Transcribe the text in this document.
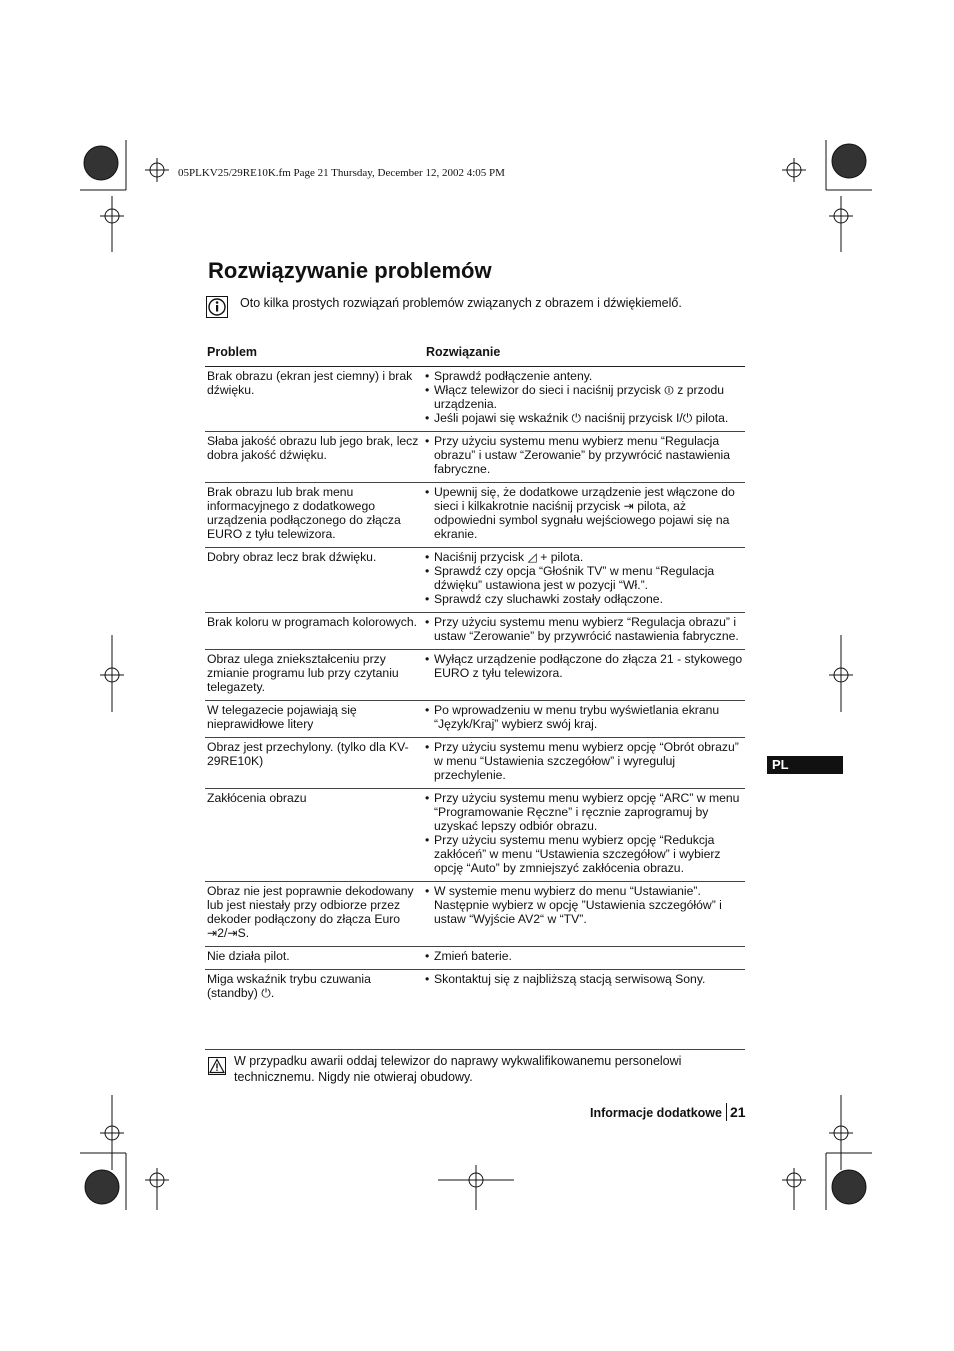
05PLKV25/29RE10K.fm Page 21 Thursday, December 12, 2002 4:05 PM
Rozwiązywanie problemów
Oto kilka prostych rozwiązań problemów związanych z obrazem i dźwiękiemelő.
Problem	Rozwiązanie
Brak obrazu (ekran jest ciemny) i brak dźwięku.
• Sprawdź podłączenie anteny.
• Włącz telewizor do sieci i naciśnij przycisk ⏼ z przodu urządzenia.
• Jeśli pojawi się wskaźnik ⏻ naciśnij przycisk I/⏻ pilota.
Słaba jakość obrazu lub jego brak, lecz dobra jakość dźwięku.
• Przy użyciu systemu menu wybierz menu “Regulacja obrazu” i ustaw “Zerowanie” by przywrócić nastawienia fabryczne.
Brak obrazu lub brak menu informacyjnego z dodatkowego urządzenia podłączonego do złącza EURO z tyłu telewizora.
• Upewnij się, że dodatkowe urządzenie jest włączone do sieci i kilkakrotnie naciśnij przycisk ⇥ pilota, aż odpowiedni symbol sygnału wejściowego pojawi się na ekranie.
Dobry obraz lecz brak dźwięku.	• Naciśnij przycisk ◿ + pilota.
• Sprawdź czy opcja “Głośnik TV” w menu “Regulacja dźwięku” ustawiona jest w pozycji “Wł.”.
• Sprawdź czy sluchawki zostały odłączone.
Brak koloru w programach kolorowych. • Przy użyciu systemu menu wybierz “Regulacja obrazu” i ustaw “Zerowanie” by przywrócić nastawienia fabryczne.
Obraz ulega zniekształceniu przy zmianie programu lub przy czytaniu telegazety.
• Wyłącz urządzenie podłączone do złącza 21 - stykowego EURO z tyłu telewizora.
W telegazecie pojawiają się nieprawidłowe litery
• Po wprowadzeniu w menu trybu wyświetlania ekranu “Język/Kraj” wybierz swój kraj.
Obraz jest przechylony. (tylko dla KV-29RE10K)
• Przy użyciu systemu menu wybierz opcję “Obrót obrazu” w menu “Ustawienia szczegółow” i wyreguluj przechylenie.
Zakłócenia obrazu	• Przy użyciu systemu menu wybierz opcję “ARC” w menu “Programowanie Ręczne” i ręcznie zaprogramuj by uzyskać lepszy odbiór obrazu.
• Przy użyciu systemu menu wybierz opcję “Redukcja zakłóceń” w menu “Ustawienia szczegółow” i wybierz opcję “Auto” by zmniejszyć zakłócenia obrazu.
Obraz nie jest poprawnie dekodowany lub jest niestały przy odbiorze przez dekoder podłączony do złącza Euro ⇥2/⇥S.
• W systemie menu wybierz do menu “Ustawianie”. Następnie wybierz w opcję ”Ustawienia szczegółów” i ustaw “Wyjście AV2“ w “TV”.
Nie działa pilot.	• Zmień baterie.
Miga wskaźnik trybu czuwania (standby) ⏻.
• Skontaktuj się z najbliższą stacją serwisową Sony.
W przypadku awarii oddaj telewizor do naprawy wykwalifikowanemu personelowi technicznemu. Nigdy nie otwieraj obudowy.
Informacje dodatkowe 21
PL
